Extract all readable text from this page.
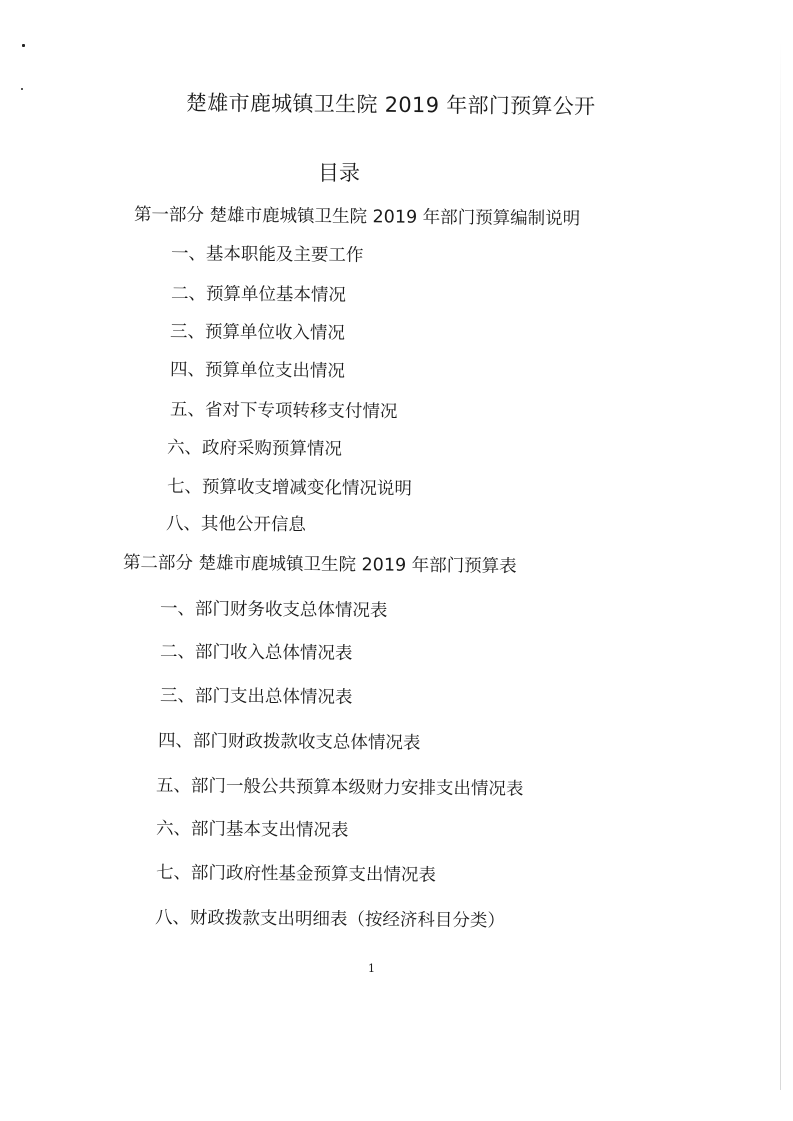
楚雄市鹿城镇卫生院 2019 年部门预算公开
目录
第一部分 楚雄市鹿城镇卫生院 2019 年部门预算编制说明
一、基本职能及主要工作
二、预算单位基本情况
三、预算单位收入情况
四、预算单位支出情况
五、省对下专项转移支付情况
六、政府采购预算情况
七、预算收支增减变化情况说明
八、其他公开信息
第二部分 楚雄市鹿城镇卫生院 2019 年部门预算表
一、部门财务收支总体情况表
二、部门收入总体情况表
三、部门支出总体情况表
四、部门财政拨款收支总体情况表
五、部门一般公共预算本级财力安排支出情况表
六、部门基本支出情况表
七、部门政府性基金预算支出情况表
八、财政拨款支出明细表（按经济科目分类）
1
